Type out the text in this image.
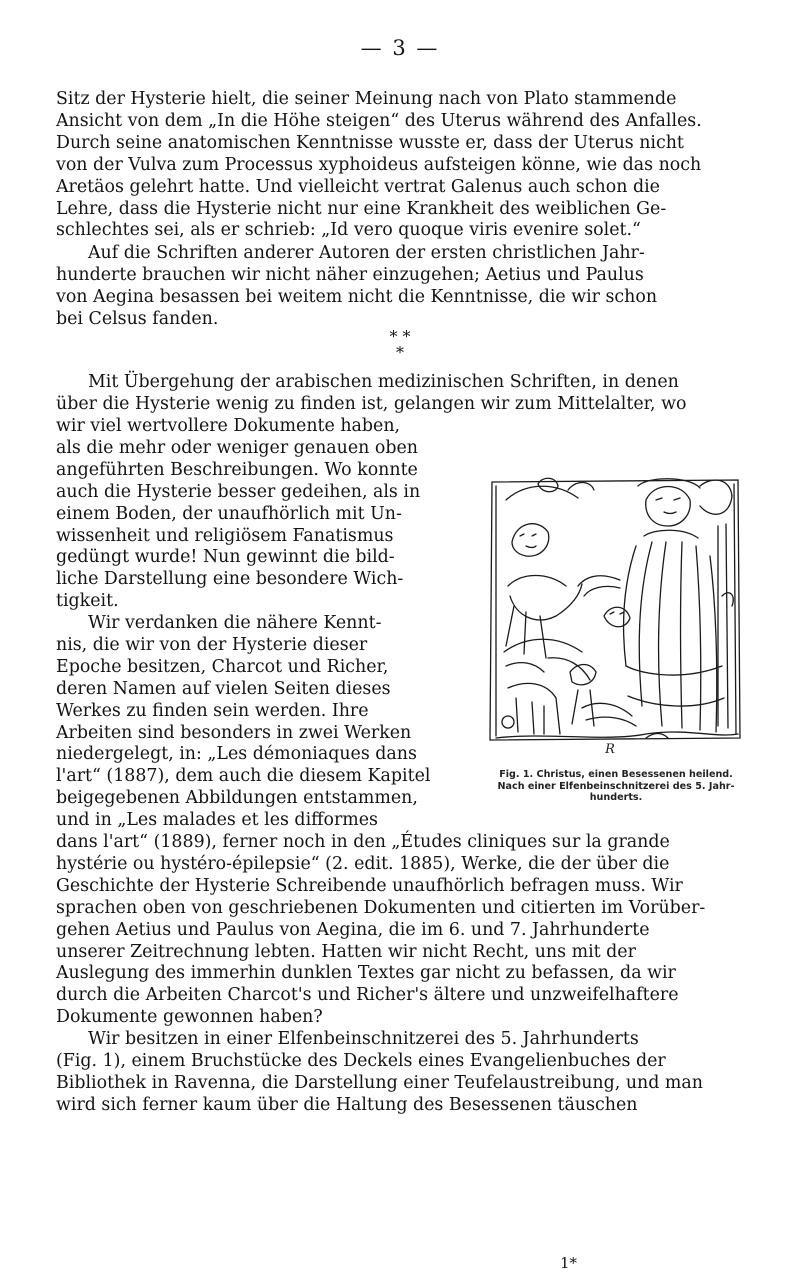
— 3 —
Sitz der Hysterie hielt, die seiner Meinung nach von Plato stammende
Ansicht von dem „In die Höhe steigen“ des Uterus während des Anfalles.
Durch seine anatomischen Kenntnisse wusste er, dass der Uterus nicht
von der Vulva zum Processus xyphoideus aufsteigen könne, wie das noch
Aretäos gelehrt hatte. Und vielleicht vertrat Galenus auch schon die
Lehre, dass die Hysterie nicht nur eine Krankheit des weiblichen Ge-
schlechtes sei, als er schrieb: „Id vero quoque viris evenire solet.“
Auf die Schriften anderer Autoren der ersten christlichen Jahr-
hunderte brauchen wir nicht näher einzugehen; Aetius und Paulus
von Aegina besassen bei weitem nicht die Kenntnisse, die wir schon
bei Celsus fanden.
* *
*
Mit Übergehung der arabischen medizinischen Schriften, in denen
über die Hysterie wenig zu finden ist, gelangen wir zum Mittelalter, wo
wir viel wertvollere Dokumente haben,
als die mehr oder weniger genauen oben
angeführten Beschreibungen. Wo konnte
auch die Hysterie besser gedeihen, als in
einem Boden, der unaufhörlich mit Un-
wissenheit und religiösem Fanatismus
gedüngt wurde! Nun gewinnt die bild-
liche Darstellung eine besondere Wich-
tigkeit.
Wir verdanken die nähere Kennt-
nis, die wir von der Hysterie dieser
Epoche besitzen, Charcot und Richer,
deren Namen auf vielen Seiten dieses
Werkes zu finden sein werden. Ihre
Arbeiten sind besonders in zwei Werken
niedergelegt, in: „Les démoniaques dans
l'art“ (1887), dem auch die diesem Kapitel
beigegebenen Abbildungen entstammen,
und in „Les malades et les difformes
dans l'art“ (1889), ferner noch in den „Études cliniques sur la grande
hystérie ou hystéro-épilepsie“ (2. edit. 1885), Werke, die der über die
Geschichte der Hysterie Schreibende unaufhörlich befragen muss. Wir
sprachen oben von geschriebenen Dokumenten und citierten im Vorüber-
gehen Aetius und Paulus von Aegina, die im 6. und 7. Jahrhunderte
unserer Zeitrechnung lebten. Hatten wir nicht Recht, uns mit der
Auslegung des immerhin dunklen Textes gar nicht zu befassen, da wir
durch die Arbeiten Charcot's und Richer's ältere und unzweifelhaftere
Dokumente gewonnen haben?
Wir besitzen in einer Elfenbeinschnitzerei des 5. Jahrhunderts
(Fig. 1), einem Bruchstücke des Deckels eines Evangelienbuches der
Bibliothek in Ravenna, die Darstellung einer Teufelaustreibung, und man
wird sich ferner kaum über die Haltung des Besessenen täuschen
1*
R
Fig. 1. Christus, einen Besessenen heilend.
Nach einer Elfenbeinschnitzerei des 5. Jahr-
hunderts.
